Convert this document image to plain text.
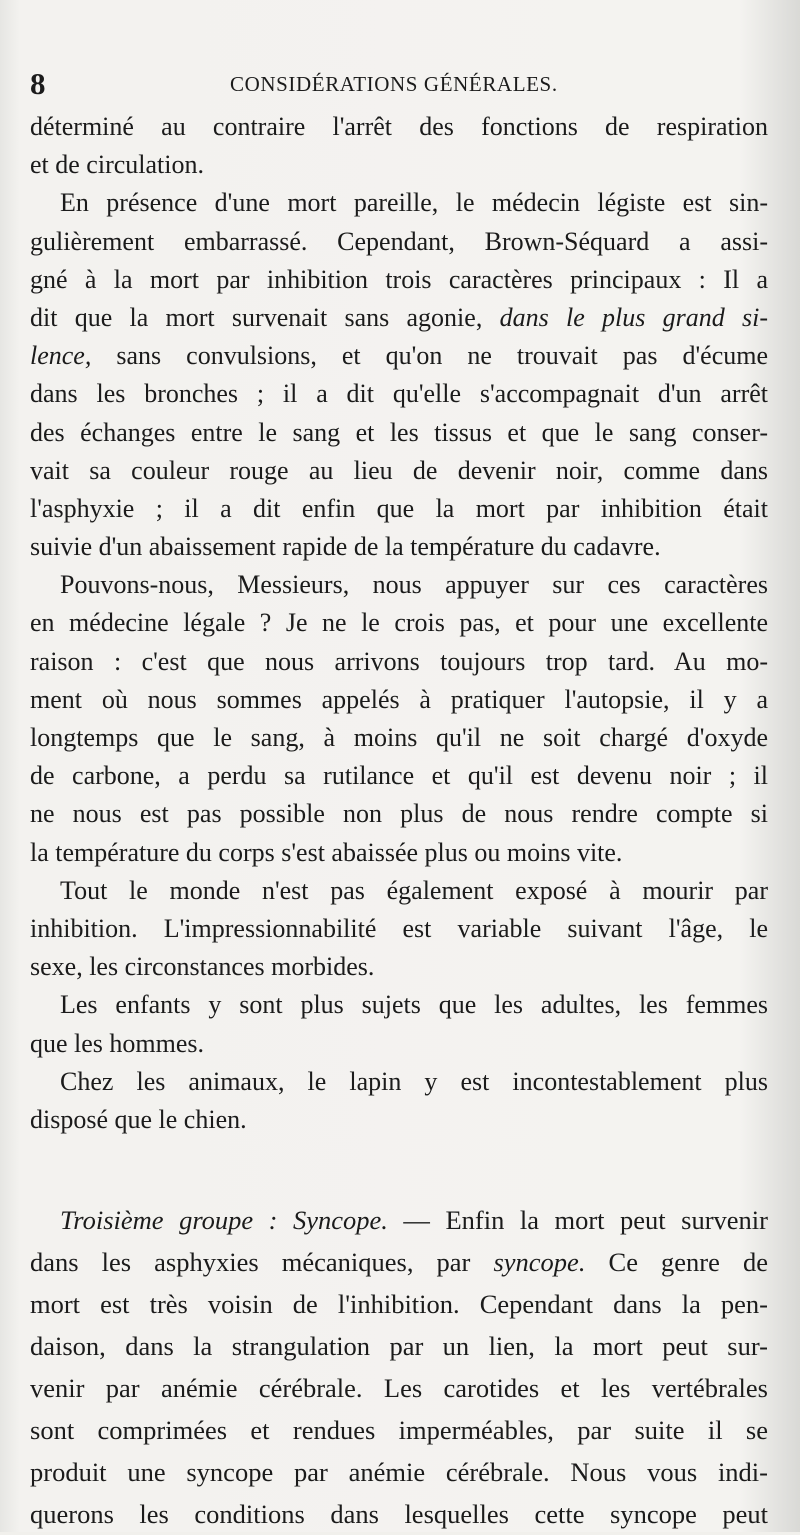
8	CONSIDÉRATIONS GÉNÉRALES.
déterminé au contraire l'arrêt des fonctions de respiration
et de circulation.
En présence d'une mort pareille, le médecin légiste est sin-
gulièrement embarrassé. Cependant, Brown-Séquard a assi-
gné à la mort par inhibition trois caractères principaux : Il a
dit que la mort survenait sans agonie, dans le plus grand si-
lence, sans convulsions, et qu'on ne trouvait pas d'écume
dans les bronches ; il a dit qu'elle s'accompagnait d'un arrêt
des échanges entre le sang et les tissus et que le sang conser-
vait sa couleur rouge au lieu de devenir noir, comme dans
l'asphyxie ; il a dit enfin que la mort par inhibition était
suivie d'un abaissement rapide de la température du cadavre.
Pouvons-nous, Messieurs, nous appuyer sur ces caractères
en médecine légale ? Je ne le crois pas, et pour une excellente
raison : c'est que nous arrivons toujours trop tard. Au mo-
ment où nous sommes appelés à pratiquer l'autopsie, il y a
longtemps que le sang, à moins qu'il ne soit chargé d'oxyde
de carbone, a perdu sa rutilance et qu'il est devenu noir ; il
ne nous est pas possible non plus de nous rendre compte si
la température du corps s'est abaissée plus ou moins vite.
Tout le monde n'est pas également exposé à mourir par
inhibition. L'impressionnabilité est variable suivant l'âge, le
sexe, les circonstances morbides.
Les enfants y sont plus sujets que les adultes, les femmes
que les hommes.
Chez les animaux, le lapin y est incontestablement plus
disposé que le chien.
Troisième groupe : Syncope. — Enfin la mort peut survenir
dans les asphyxies mécaniques, par syncope. Ce genre de
mort est très voisin de l'inhibition. Cependant dans la pen-
daison, dans la strangulation par un lien, la mort peut sur-
venir par anémie cérébrale. Les carotides et les vertébrales
sont comprimées et rendues imperméables, par suite il se
produit une syncope par anémie cérébrale. Nous vous indi-
querons les conditions dans lesquelles cette syncope peut
